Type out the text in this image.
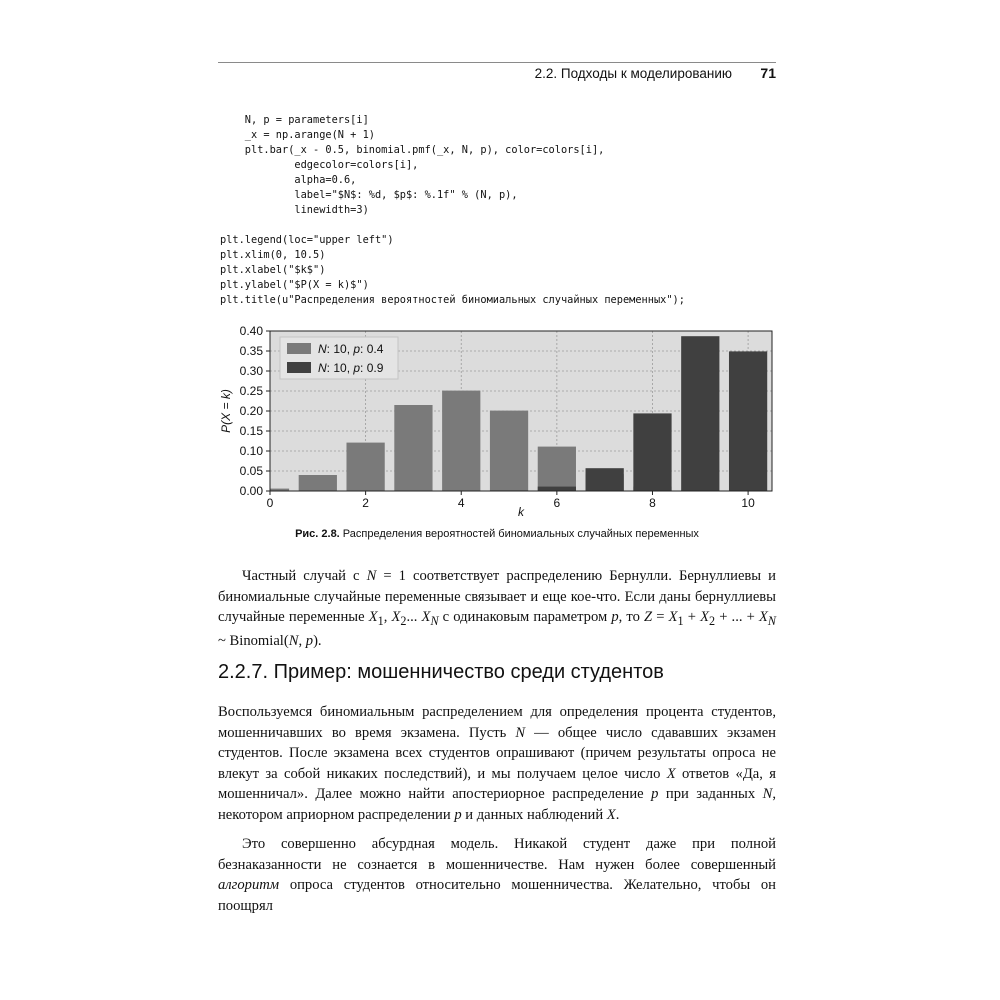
2.2. Подходы к моделированию	71
N, p = parameters[i]
_x = np.arange(N + 1)
plt.bar(_x - 0.5, binomial.pmf(_x, N, p), color=colors[i],
edgecolor=colors[i],
alpha=0.6,
label="$N$: %d, $p$: %.1f" % (N, p),
linewidth=3)
plt.legend(loc="upper left")
plt.xlim(0, 10.5)
plt.xlabel("$k$")
plt.ylabel("$P(X = k)$")
plt.title(u"Распределения вероятностей биномиальных случайных переменных");
0.00
0.05
0.10
0.15
0.20
0.25
0.30
0.35
0.40
0	2	4	6	8	10
P(X = k)
k
N: 10, p: 0.4
N: 10, p: 0.9
Рис. 2.8. Распределения вероятностей биномиальных случайных переменных

Частный случай с N = 1 соответствует распределению Бернулли. Бернуллиевы и биномиальные случайные переменные связывает и еще кое-что. Если даны бернуллиевы случайные переменные $X_1$, $X_2$... $X_N$ с одинаковым параметром p, то $Z = X_1 + X_2$ + ... + $X_N$ ~ Binomial(N, p).

2.2.7. Пример: мошенничество среди студентов

Воспользуемся биномиальным распределением для определения процента студентов, мошенничавших во время экзамена. Пусть N — общее число сдававших экзамен студентов. После экзамена всех студентов опрашивают (причем результаты опроса не влекут за собой никаких последствий), и мы получаем целое число X ответов «Да, я мошенничал». Далее можно найти апостериорное распределение p при заданных N, некотором априорном распределении p и данных наблюдений X.

Это совершенно абсурдная модель. Никакой студент даже при полной безнаказанности не сознается в мошенничестве. Нам нужен более совершенный алгоритм опроса студентов относительно мошенничества. Желательно, чтобы он поощрял
